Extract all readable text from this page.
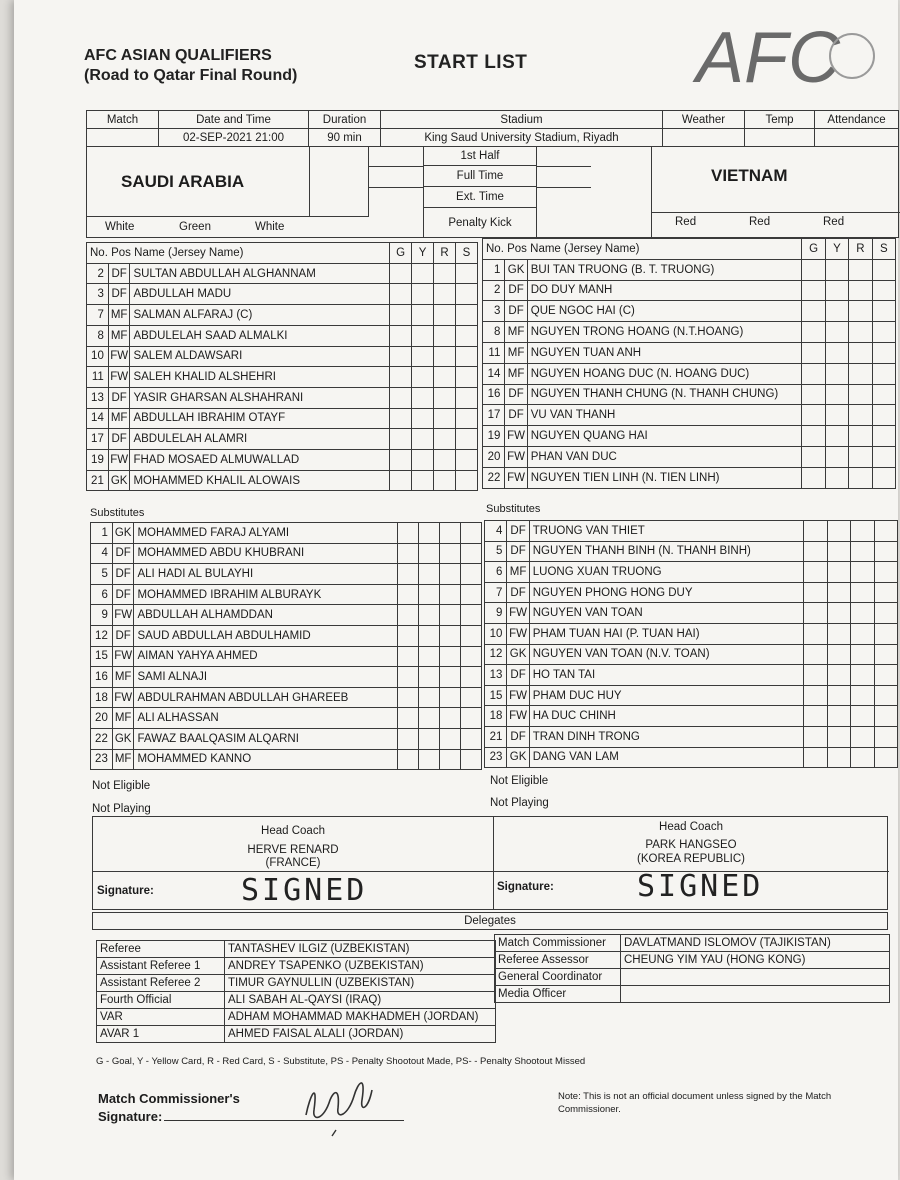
AFC ASIAN QUALIFIERS
(Road to Qatar Final Round)
START LIST AFC
Match	Date and Time	Duration	Stadium	Weather	Temp	Attendance
	02-SEP-2021 21:00	90 min	King Saud University Stadium, Riyadh			
SAUDI ARABIA	VIETNAM
1st Half
Full Time
Ext. Time
Penalty Kick
White	Green	White	Red	Red	Red
No. Pos Name (Jersey Name)			G	Y	R	S
2	DF	SULTAN ABDULLAH ALGHANNAM				
3	DF	ABDULLAH MADU				
7	MF	SALMAN ALFARAJ (C)				
8	MF	ABDULELAH SAAD ALMALKI				
10	FW	SALEM ALDAWSARI				
11	FW	SALEH KHALID ALSHEHRI				
13	DF	YASIR GHARSAN ALSHAHRANI				
14	MF	ABDULLAH IBRAHIM OTAYF				
17	DF	ABDULELAH ALAMRI				
19	FW	FHAD MOSAED ALMUWALLAD				
21	GK	MOHAMMED KHALIL ALOWAIS				
No. Pos Name (Jersey Name)			G	Y	R	S
1	GK	BUI TAN TRUONG (B. T. TRUONG)				
2	DF	DO DUY MANH				
3	DF	QUE NGOC HAI (C)				
8	MF	NGUYEN TRONG HOANG (N.T.HOANG)				
11	MF	NGUYEN TUAN ANH				
14	MF	NGUYEN HOANG DUC (N. HOANG DUC)				
16	DF	NGUYEN THANH CHUNG (N. THANH CHUNG)				
17	DF	VU VAN THANH				
19	FW	NGUYEN QUANG HAI				
20	FW	PHAN VAN DUC				
22	FW	NGUYEN TIEN LINH (N. TIEN LINH)				
Substitutes	Substitutes
1	GK	MOHAMMED FARAJ ALYAMI				
4	DF	MOHAMMED ABDU KHUBRANI				
5	DF	ALI HADI AL BULAYHI				
6	DF	MOHAMMED IBRAHIM ALBURAYK				
9	FW	ABDULLAH ALHAMDDAN				
12	DF	SAUD ABDULLAH ABDULHAMID				
15	FW	AIMAN YAHYA AHMED				
16	MF	SAMI ALNAJI				
18	FW	ABDULRAHMAN ABDULLAH GHAREEB				
20	MF	ALI ALHASSAN				
22	GK	FAWAZ BAALQASIM ALQARNI				
23	MF	MOHAMMED KANNO				
4	DF	TRUONG VAN THIET				
5	DF	NGUYEN THANH BINH (N. THANH BINH)				
6	MF	LUONG XUAN TRUONG				
7	DF	NGUYEN PHONG HONG DUY				
9	FW	NGUYEN VAN TOAN				
10	FW	PHAM TUAN HAI (P. TUAN HAI)				
12	GK	NGUYEN VAN TOAN (N.V. TOAN)				
13	DF	HO TAN TAI				
15	FW	PHAM DUC HUY				
18	FW	HA DUC CHINH				
21	DF	TRAN DINH TRONG				
23	GK	DANG VAN LAM				
Not Eligible
Not Playing
Not Eligible
Not Playing
Head Coach
HERVE RENARD
(FRANCE)
Head Coach
PARK HANGSEO
(KOREA REPUBLIC)
Signature:	SIGNED	Signature:	SIGNED
Delegates
Referee	TANTASHEV ILGIZ (UZBEKISTAN)
Assistant Referee 1	ANDREY TSAPENKO (UZBEKISTAN)
Assistant Referee 2	TIMUR GAYNULLIN (UZBEKISTAN)
Fourth Official	ALI SABAH AL-QAYSI (IRAQ)
VAR	ADHAM MOHAMMAD MAKHADMEH (JORDAN)
AVAR 1	AHMED FAISAL ALALI (JORDAN)
Match Commissioner	DAVLATMAND ISLOMOV (TAJIKISTAN)
Referee Assessor	CHEUNG YIM YAU (HONG KONG)
General Coordinator	
Media Officer	
G - Goal, Y - Yellow Card, R - Red Card, S - Substitute, PS - Penalty Shootout Made, PS- - Penalty Shootout Missed
Match Commissioner's
Signature:
Note: This is not an official document unless signed by the Match Commissioner.
